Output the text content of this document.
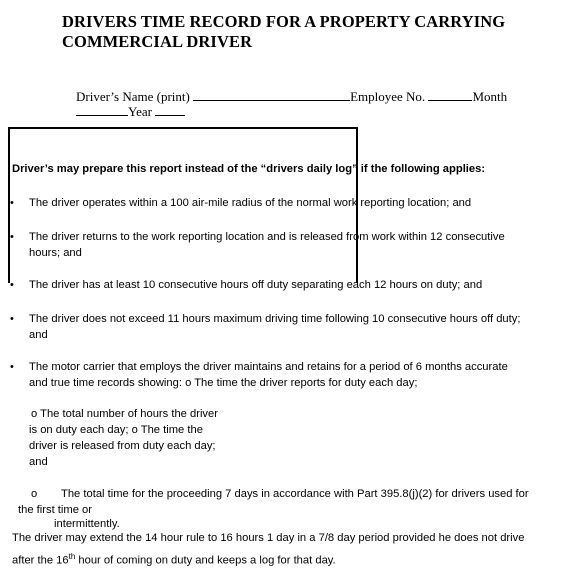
DRIVERS TIME RECORD FOR A PROPERTY CARRYING
COMMERCIAL DRIVER
Driver’s Name (print)	Employee No.	Month
Year
Driver’s may prepare this report instead of the “drivers daily log” if the following applies:
• The driver operates within a 100 air-mile radius of the normal work reporting location; and
• The driver returns to the work reporting location and is released from work within 12 consecutive
hours; and
• The driver has at least 10 consecutive hours off duty separating each 12 hours on duty; and
• The driver does not exceed 11 hours maximum driving time following 10 consecutive hours off duty;
and
• The motor carrier that employs the driver maintains and retains for a period of 6 months accurate
and true time records showing: o The time the driver reports for duty each day;
o The total number of hours the driver
is on duty each day; o The time the
driver is released from duty each day;
and
o The total time for the proceeding 7 days in accordance with Part 395.8(j)(2) for drivers used for
the first time or
intermittently.
The driver may extend the 14 hour rule to 16 hours 1 day in a 7/8 day period provided he does not drive
after the 16th hour of coming on duty and keeps a log for that day.
